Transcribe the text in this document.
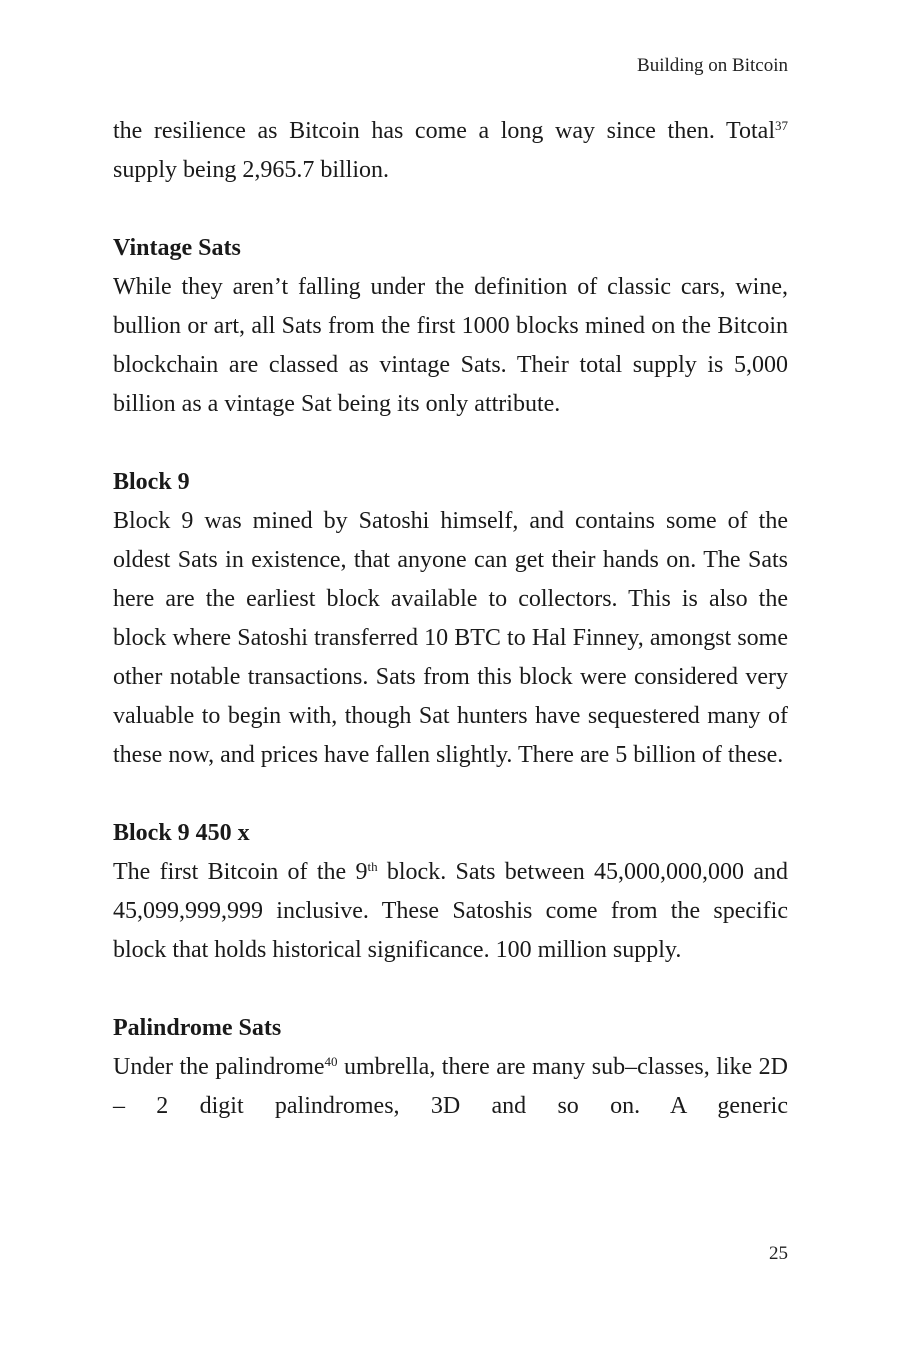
Building on Bitcoin

the resilience as Bitcoin has come a long way since then. Total$^{37}$ supply being 2,965.7 billion.

Vintage Sats

While they aren’t falling under the definition of classic cars, wine, bullion or art, all Sats from the first 1000 blocks mined on the Bitcoin blockchain are classed as vintage Sats. Their total supply is 5,000 billion as a vintage Sat being its only attribute.

Block 9

Block 9 was mined by Satoshi himself, and contains some of the oldest Sats in existence, that anyone can get their hands on. The Sats here are the earliest block available to collectors. This is also the block where Satoshi transferred 10 BTC to Hal Finney, amongst some other notable transactions. Sats from this block were considered very valuable to begin with, though Sat hunters have sequestered many of these now, and prices have fallen slightly. There are 5 billion of these.

Block 9 450 x

The first Bitcoin of the 9th block. Sats between 45,000,000,000 and 45,099,999,999 inclusive. These Satoshis come from the specific block that holds historical significance. 100 million supply.

Palindrome Sats

Under the palindrome$^{40}$ umbrella, there are many sub–classes, like 2D – 2 digit palindromes, 3D and so on. A generic

25
